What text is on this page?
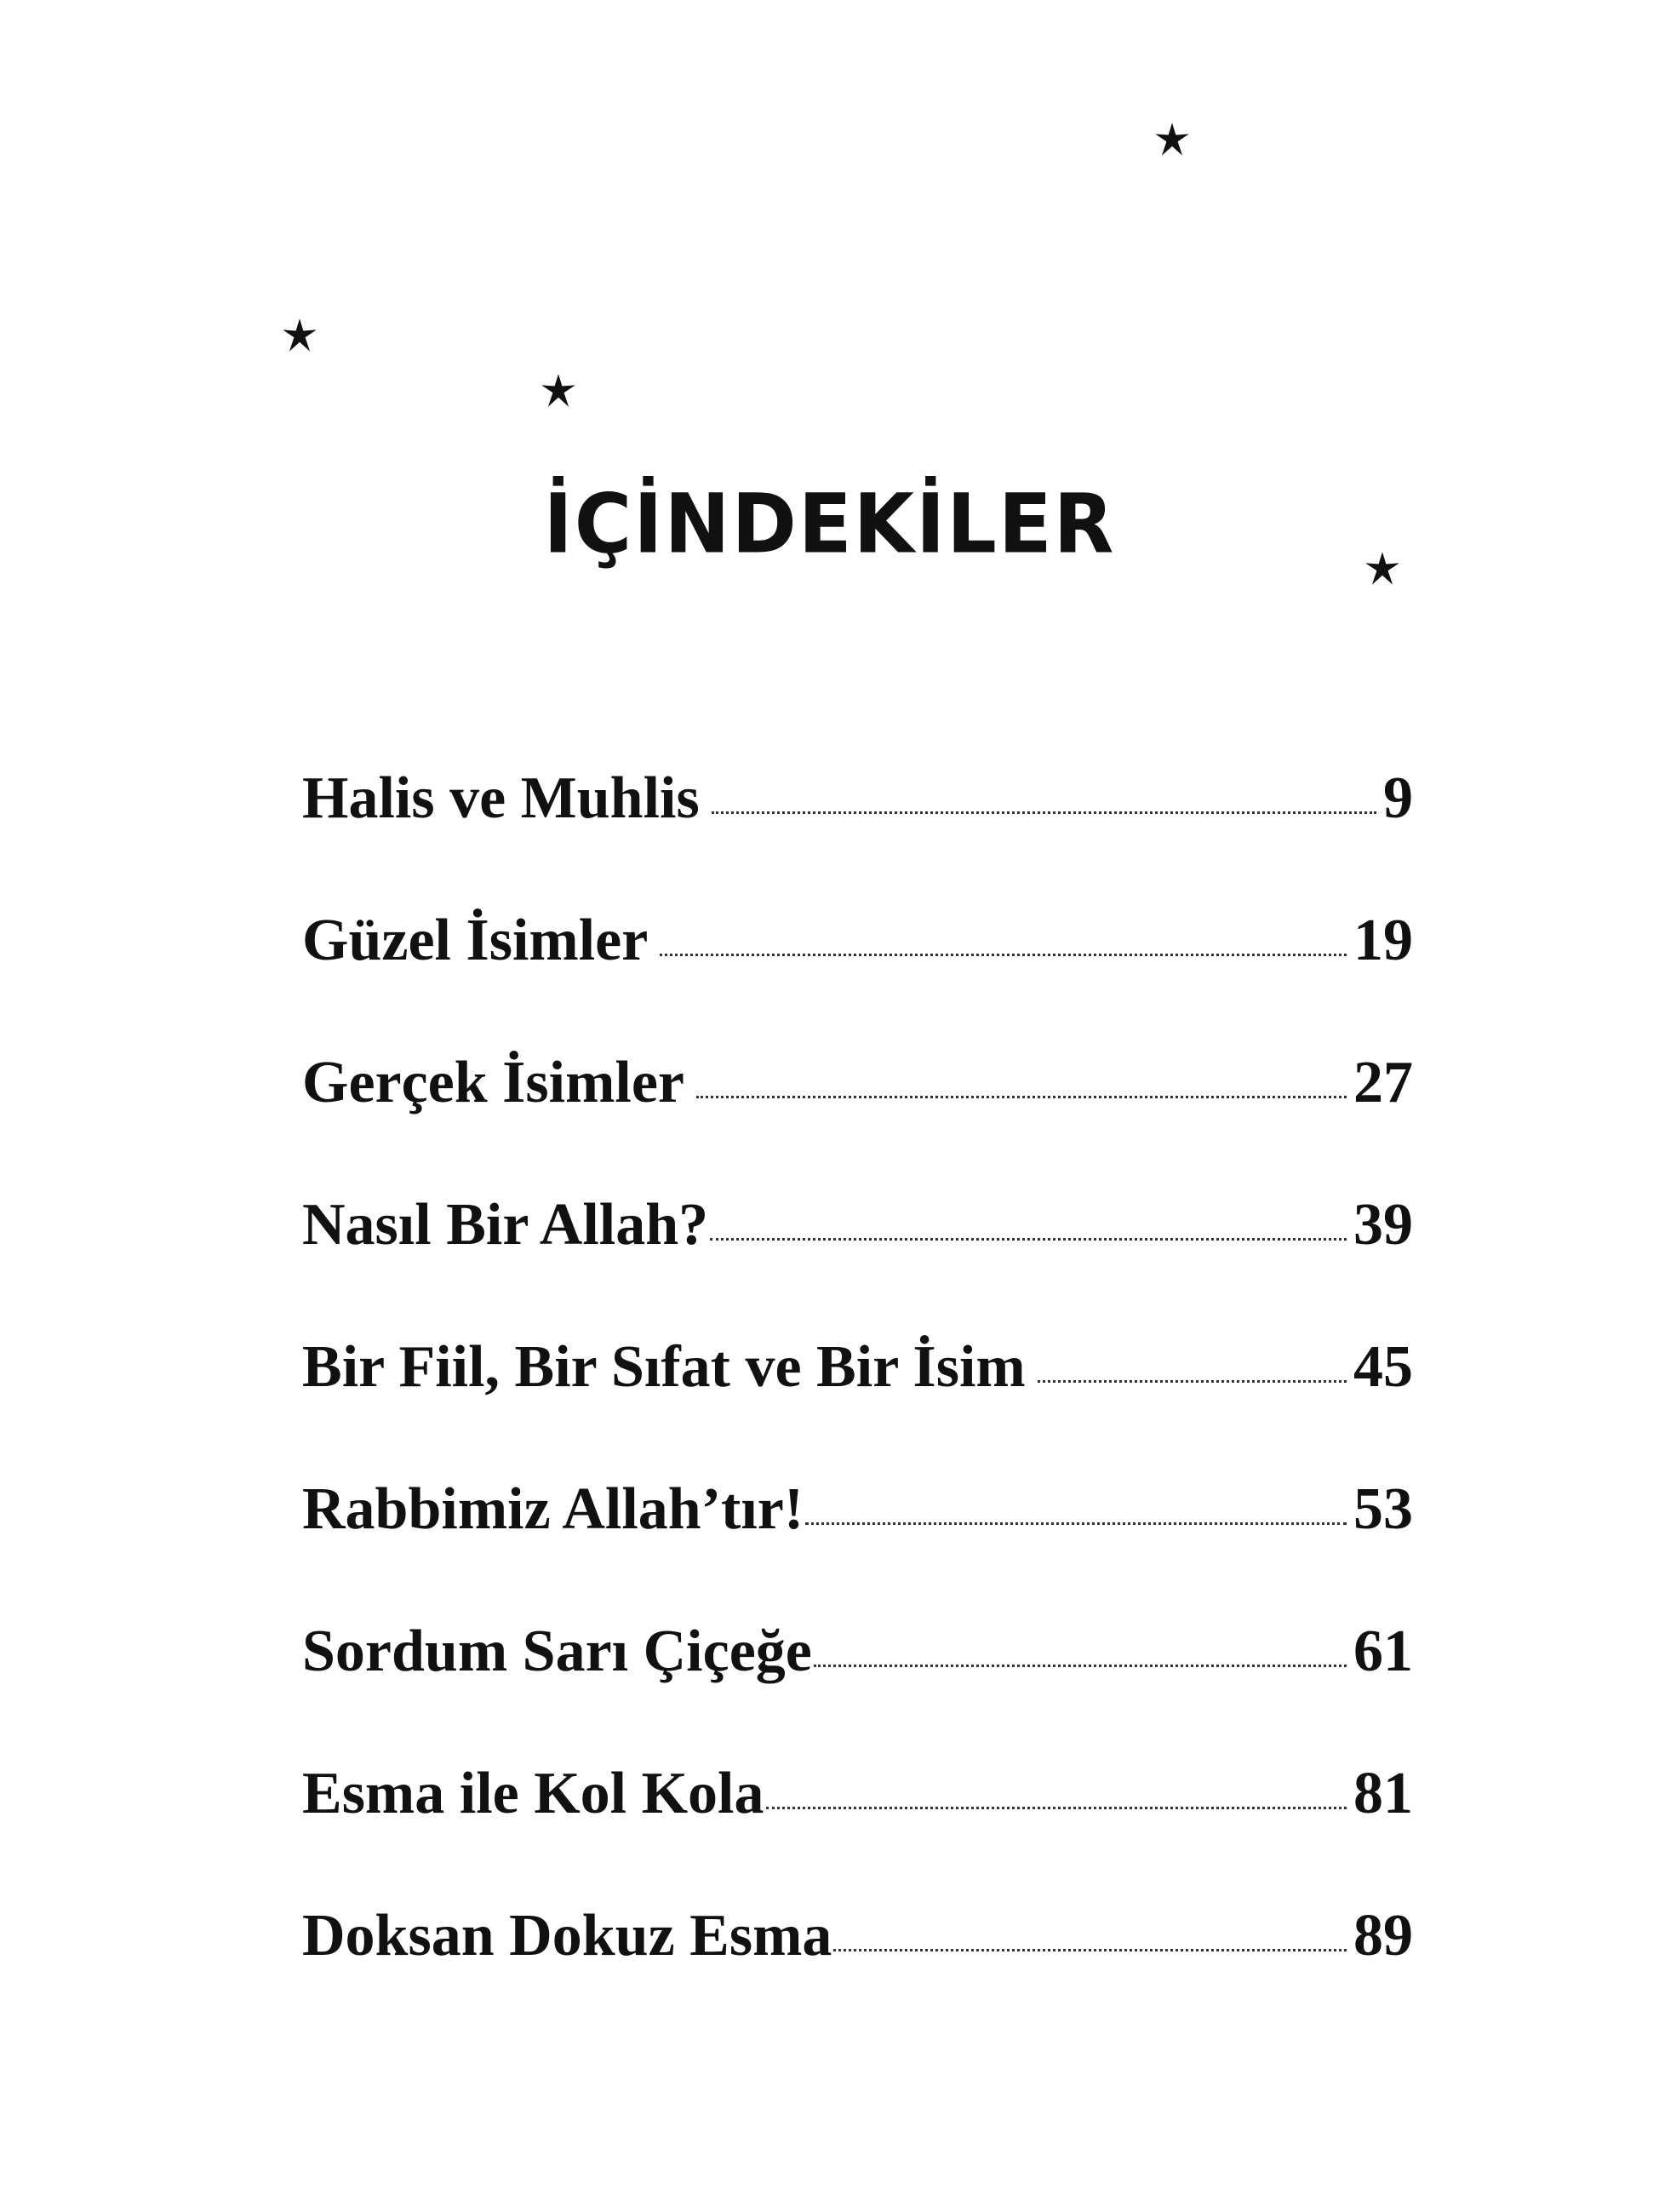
İÇİNDEKİLER
Halis ve Muhlis	9
Güzel İsimler	19
Gerçek İsimler	27
Nasıl Bir Allah?	39
Bir Fiil, Bir Sıfat ve Bir İsim	45
Rabbimiz Allah’tır!	53
Sordum Sarı Çiçeğe	61
Esma ile Kol Kola	81
Doksan Dokuz Esma	89
